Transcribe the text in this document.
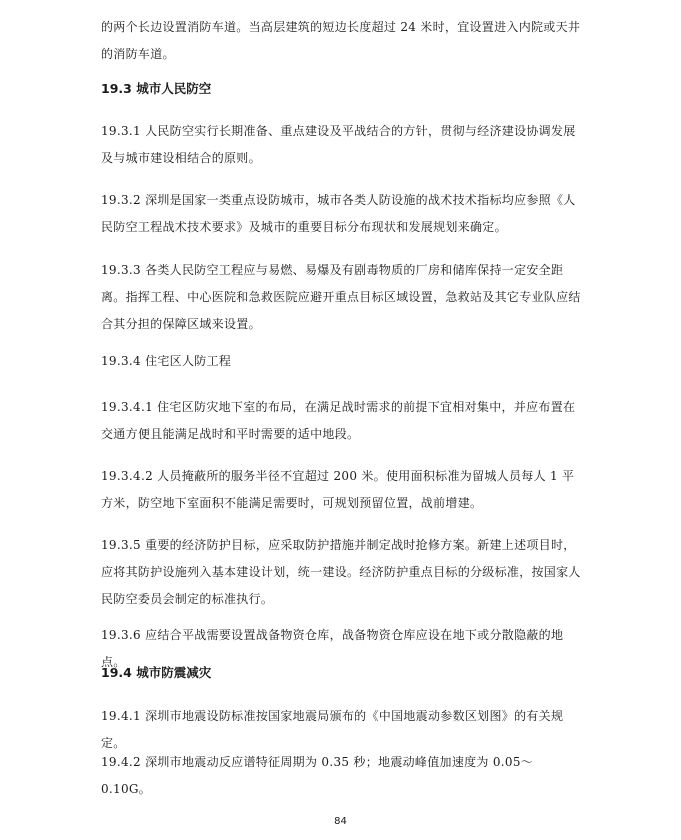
的两个长边设置消防车道。当高层建筑的短边长度超过 24 米时，宜设置进入内院或天井的消防车道。

19.3 城市人民防空

19.3.1 人民防空实行长期准备、重点建设及平战结合的方针，贯彻与经济建设协调发展及与城市建设相结合的原则。

19.3.2 深圳是国家一类重点设防城市，城市各类人防设施的战术技术指标均应参照《人民防空工程战术技术要求》及城市的重要目标分布现状和发展规划来确定。

19.3.3 各类人民防空工程应与易燃、易爆及有剧毒物质的厂房和储库保持一定安全距离。指挥工程、中心医院和急救医院应避开重点目标区域设置，急救站及其它专业队应结合其分担的保障区域来设置。

19.3.4 住宅区人防工程

19.3.4.1 住宅区防灾地下室的布局，在满足战时需求的前提下宜相对集中，并应布置在交通方便且能满足战时和平时需要的适中地段。

19.3.4.2 人员掩蔽所的服务半径不宜超过 200 米。使用面积标准为留城人员每人 1 平方米，防空地下室面积不能满足需要时，可规划预留位置，战前增建。

19.3.5 重要的经济防护目标，应采取防护措施并制定战时抢修方案。新建上述项目时，应将其防护设施列入基本建设计划，统一建设。经济防护重点目标的分级标准，按国家人民防空委员会制定的标准执行。

19.3.6 应结合平战需要设置战备物资仓库，战备物资仓库应设在地下或分散隐蔽的地点。

19.4 城市防震减灾

19.4.1 深圳市地震设防标准按国家地震局颁布的《中国地震动参数区划图》的有关规定。

19.4.2 深圳市地震动反应谱特征周期为 0.35 秒；地震动峰值加速度为 0.05～0.10G。

84
